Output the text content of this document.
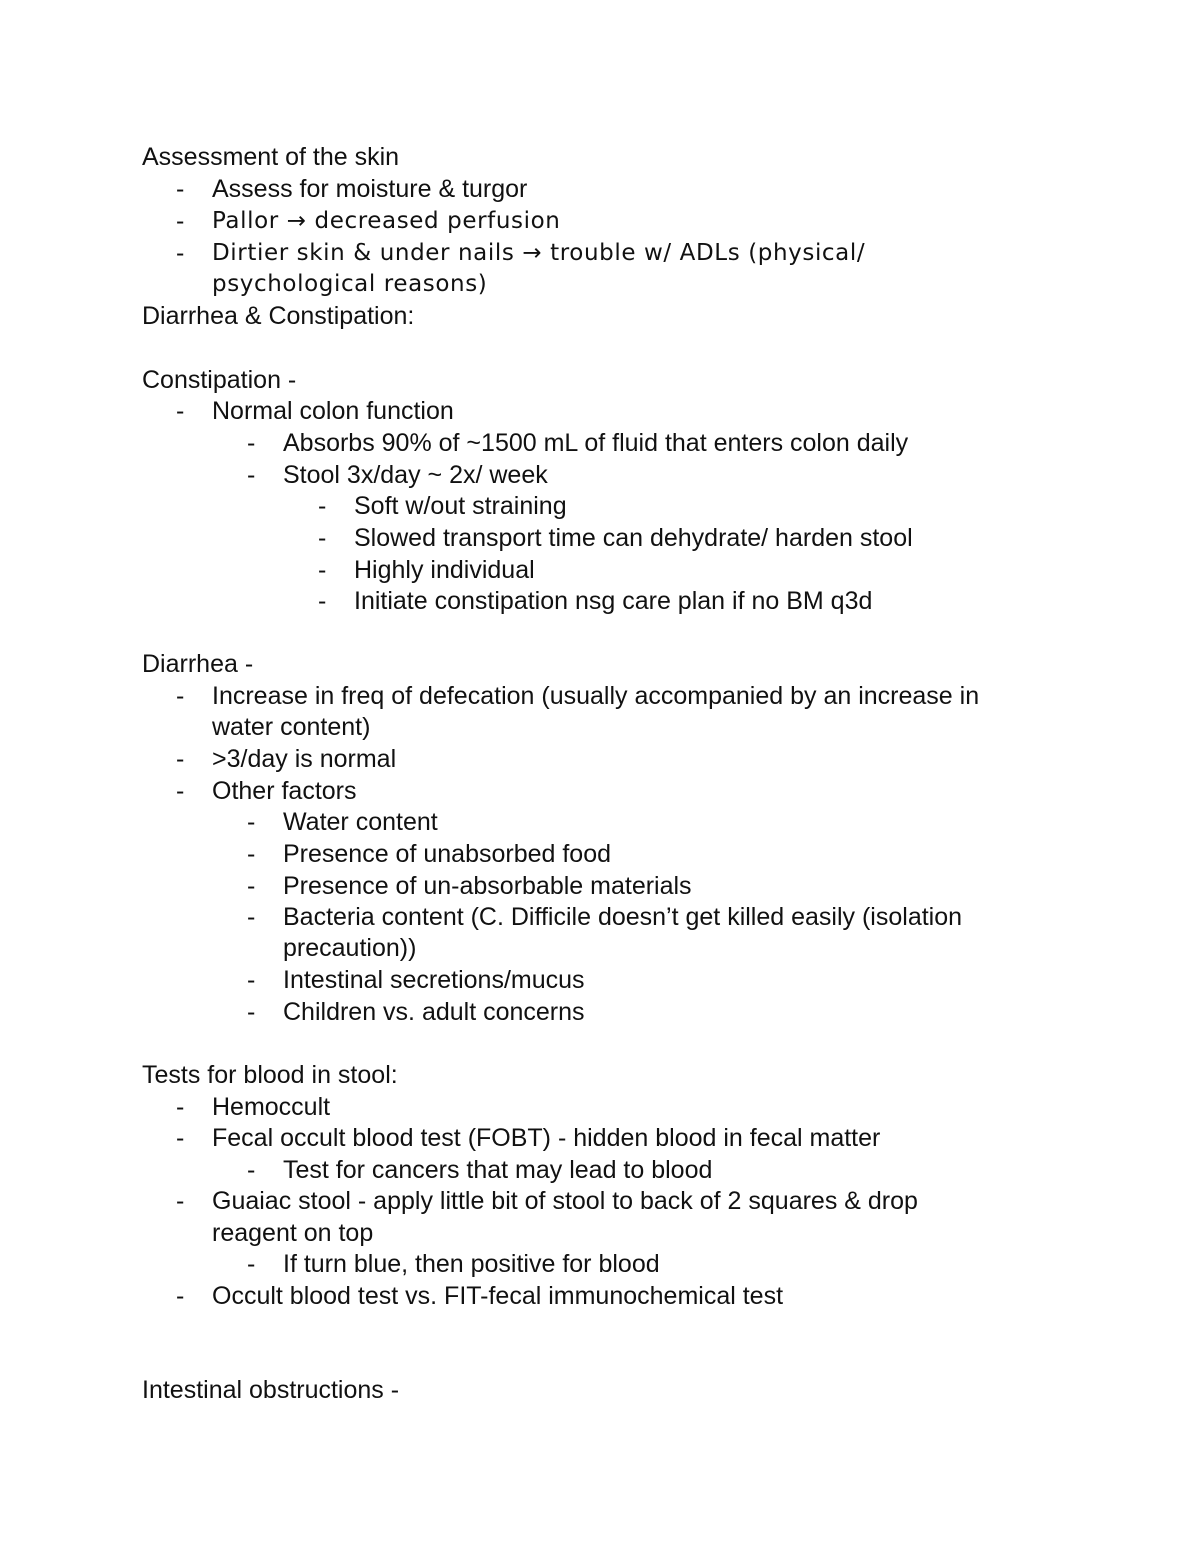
Assessment of the skin
- Assess for moisture & turgor
- Pallor → decreased perfusion
- Dirtier skin & under nails → trouble w/ ADLs (physical/
psychological reasons)
Diarrhea & Constipation:
Constipation -
- Normal colon function
- Absorbs 90% of ~1500 mL of fluid that enters colon daily
- Stool 3x/day ~ 2x/ week
- Soft w/out straining
- Slowed transport time can dehydrate/ harden stool
- Highly individual
- Initiate constipation nsg care plan if no BM q3d
Diarrhea -
- Increase in freq of defecation (usually accompanied by an increase in
water content)
- >3/day is normal
- Other factors
- Water content
- Presence of unabsorbed food
- Presence of un-absorbable materials
- Bacteria content (C. Difficile doesn’t get killed easily (isolation
precaution))
- Intestinal secretions/mucus
- Children vs. adult concerns
Tests for blood in stool:
- Hemoccult
- Fecal occult blood test (FOBT) - hidden blood in fecal matter
- Test for cancers that may lead to blood
- Guaiac stool - apply little bit of stool to back of 2 squares & drop
reagent on top
- If turn blue, then positive for blood
- Occult blood test vs. FIT-fecal immunochemical test
Intestinal obstructions -
